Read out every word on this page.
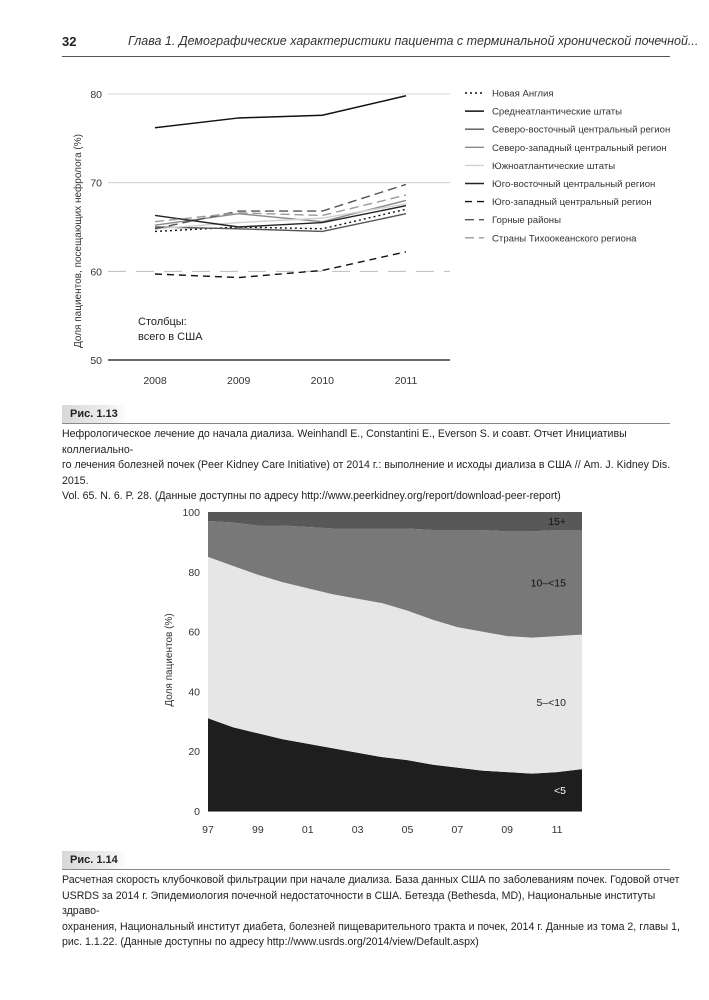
32	Глава 1. Демографические характеристики пациента с терминальной хронической почечной...
50
60
70
80
2008	2009	2010	2011
Доля пациентов, посещающих нефролога (%)	Столбцы:
всего в США
Новая Англия
Среднеатлантические штаты
Северо-восточный центральный регион
Северо-западный центральный регион
Южноатлантические штаты
Юго-восточный центральный регион
Юго-западный центральный регион
Горные районы
Страны Тихоокеанского региона
Рис. 1.13
Нефрологическое лечение до начала диализа. Weinhandl E., Constantini E., Everson S. и соавт. Отчет Инициативы коллегиально-
го лечения болезней почек (Peer Kidney Care Initiative) от 2014 г.: выполнение и исходы диализа в США // Am. J. Kidney Dis. 2015.
Vol. 65. N. 6. P. 28. (Данные доступны по адресу http://www.peerkidney.org/report/download-peer-report)
0
20
40
60
80
100
97	99	01	03	05	07	09	11
Доля пациентов (%)
<5
5–<10
10–<15
15+
Рис. 1.14
Расчетная скорость клубочковой фильтрации при начале диализа. База данных США по заболеваниям почек. Годовой отчет
USRDS за 2014 г. Эпидемиология почечной недостаточности в США. Бетезда (Bethesda, MD), Национальные институты здраво-
охранения, Национальный институт диабета, болезней пищеварительного тракта и почек, 2014 г. Данные из тома 2, главы 1,
рис. 1.1.22. (Данные доступны по адресу http://www.usrds.org/2014/view/Default.aspx)
